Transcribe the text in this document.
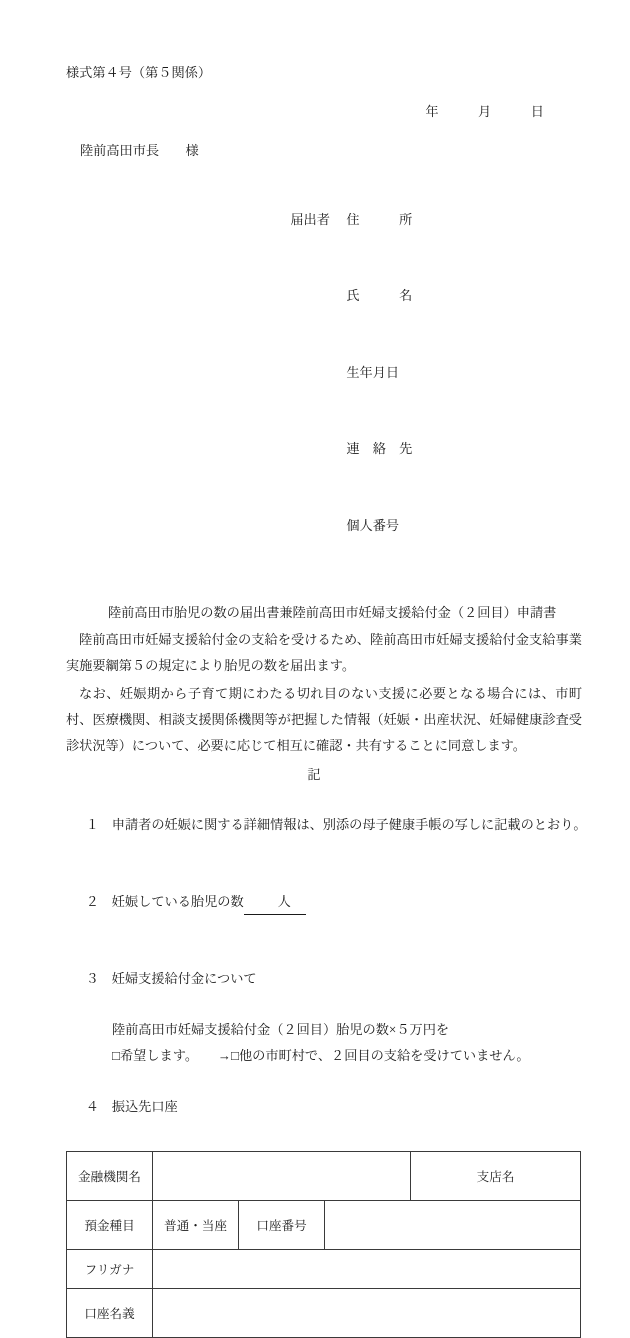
様式第４号（第５関係）
年　　　月　　　日
陸前高田市長　　様

届出者 住　　　所

氏　　　名

生年月日

連　絡　先

個人番号

陸前高田市胎児の数の届出書兼陸前高田市妊婦支援給付金（２回目）申請書
陸前高田市妊婦支援給付金の支給を受けるため、陸前高田市妊婦支援給付金支給事業実施要綱第５の規定により胎児の数を届出ます。
なお、妊娠期から子育て期にわたる切れ目のない支援に必要となる場合には、市町村、医療機関、相談支援関係機関等が把握した情報（妊娠・出産状況、妊婦健康診査受診状況等）について、必要に応じて相互に確認・共有することに同意します。
記

１ 申請者の妊娠に関する詳細情報は、別添の母子健康手帳の写しに記載のとおり。

２ 妊娠している胎児の数	人

３ 妊婦支援給付金について

陸前高田市妊婦支援給付金（２回目）胎児の数×５万円を
□希望します。　　→□他の市町村で、２回目の支給を受けていません。

４ 振込先口座

金融機関名				支店名
預金種目	普通・当座	口座番号		
フリガナ				
口座名義				
